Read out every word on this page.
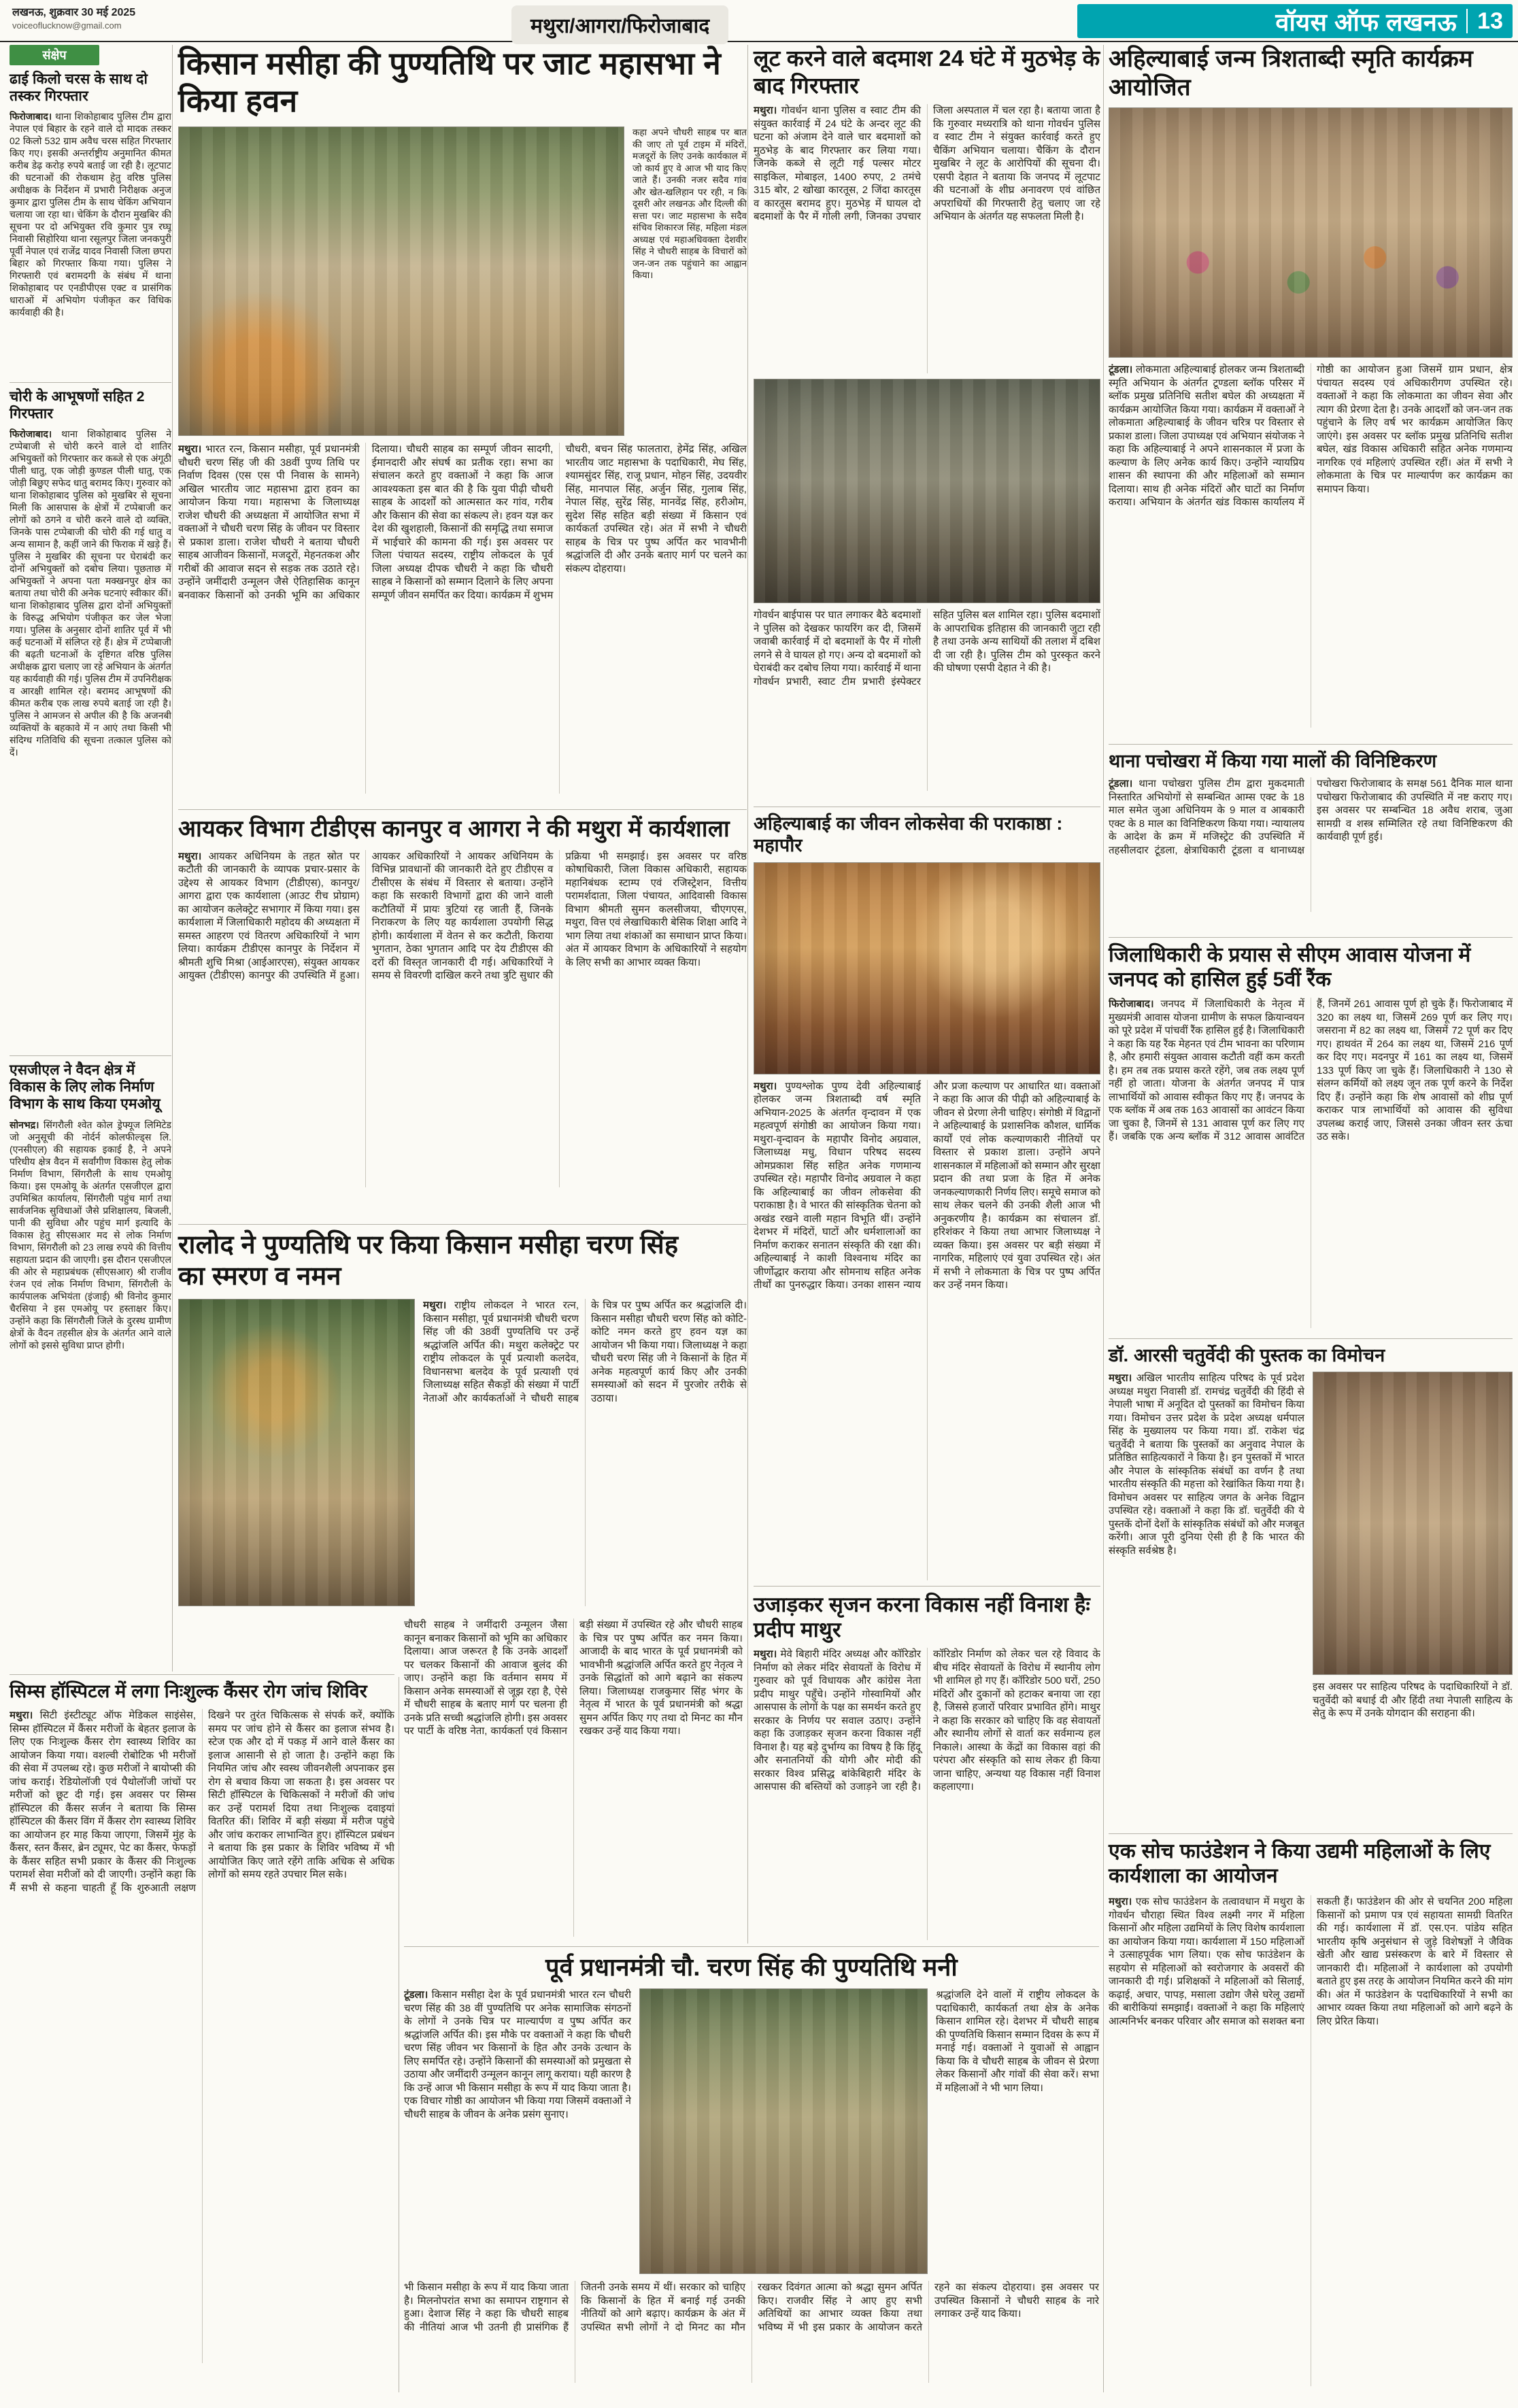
लखनऊ, शुक्रवार 30 मई 2025
voiceoflucknow@gmail.com	मथुरा/आगरा/फिरोजाबाद	वॉयस ऑफ लखनऊ 13
संक्षेप
ढाई किलो चरस के साथ दो तस्कर गिरफ्तार
फिरोजाबाद। थाना शिकोहाबाद पुलिस टीम द्वारा नेपाल एवं बिहार के रहने वाले दो मादक तस्कर 02 किलो 532 ग्राम अवैध चरस सहित गिरफ्तार किए गए। इसकी अन्तर्राष्ट्रीय अनुमानित कीमत करीब डेढ़ करोड़ रुपये बताई जा रही है। लूटपाट की घटनाओं की रोकथाम हेतु वरिष्ठ पुलिस अधीक्षक के निर्देशन में प्रभारी निरीक्षक अनुज कुमार द्वारा पुलिस टीम के साथ चेकिंग अभियान चलाया जा रहा था। चेकिंग के दौरान मुखबिर की सूचना पर दो अभियुक्त रवि कुमार पुत्र रघ्घू निवासी सिहोरिया थाना रसूलपुर जिला जनकपुरी पूर्वी नेपाल एवं राजेंद्र यादव निवासी जिला छपरा बिहार को गिरफ्तार किया गया। पुलिस ने गिरफ्तारी एवं बरामदगी के संबंध में थाना शिकोहाबाद पर एनडीपीएस एक्ट व प्रासंगिक धाराओं में अभियोग पंजीकृत कर विधिक कार्यवाही की है।
चोरी के आभूषणों सहित 2 गिरफ्तार
फिरोजाबाद। थाना शिकोहाबाद पुलिस ने टप्पेबाजी से चोरी करने वाले दो शातिर अभियुक्तों को गिरफ्तार कर कब्जे से एक अंगूठी पीली धातु, एक जोड़ी कुण्डल पीली धातु, एक जोड़ी बिछुए सफेद धातु बरामद किए। गुरुवार को थाना शिकोहाबाद पुलिस को मुखबिर से सूचना मिली कि आसपास के क्षेत्रों में टप्पेबाजी कर लोगों को ठगने व चोरी करने वाले दो व्यक्ति, जिनके पास टप्पेबाजी की चोरी की गई धातु व अन्य सामान है, कहीं जाने की फिराक में खड़े हैं। पुलिस ने मुखबिर की सूचना पर घेराबंदी कर दोनों अभियुक्तों को दबोच लिया। पूछताछ में अभियुक्तों ने अपना पता मक्खनपुर क्षेत्र का बताया तथा चोरी की अनेक घटनाएं स्वीकार कीं। थाना शिकोहाबाद पुलिस द्वारा दोनों अभियुक्तों के विरुद्ध अभियोग पंजीकृत कर जेल भेजा गया। पुलिस के अनुसार दोनों शातिर पूर्व में भी कई घटनाओं में संलिप्त रहे हैं। क्षेत्र में टप्पेबाजी की बढ़ती घटनाओं के दृष्टिगत वरिष्ठ पुलिस अधीक्षक द्वारा चलाए जा रहे अभियान के अंतर्गत यह कार्यवाही की गई। पुलिस टीम में उपनिरीक्षक व आरक्षी शामिल रहे। बरामद आभूषणों की कीमत करीब एक लाख रुपये बताई जा रही है। पुलिस ने आमजन से अपील की है कि अजनबी व्यक्तियों के बहकावे में न आएं तथा किसी भी संदिग्ध गतिविधि की सूचना तत्काल पुलिस को दें।
एसजीएल ने वैदन क्षेत्र में विकास के लिए लोक निर्माण विभाग के साथ किया एमओयू
सोनभद्र। सिंगरौली श्वेत कोल ड्रेफ्यूज लिमिटेड जो अनुसूची की नोर्दर्न कोलफील्ड्स लि. (एनसीएल) की सहायक इकाई है, ने अपने परिधीय क्षेत्र वैदन में सर्वांगीण विकास हेतु लोक निर्माण विभाग, सिंगरौली के साथ एमओयू किया। इस एमओयू के अंतर्गत एसजीएल द्वारा उपमिश्रित कार्यालय, सिंगरौली पहुंच मार्ग तथा सार्वजनिक सुविधाओं जैसे प्रशिक्षालय, बिजली, पानी की सुविधा और पहुंच मार्ग इत्यादि के विकास हेतु सीएसआर मद से लोक निर्माण विभाग, सिंगरौली को 23 लाख रुपये की वित्तीय सहायता प्रदान की जाएगी। इस दौरान एसजीएल की ओर से महाप्रबंधक (सीएसआर) श्री राजीव रंजन एवं लोक निर्माण विभाग, सिंगरौली के कार्यपालक अभियंता (इंजाई) श्री विनोद कुमार चैरसिया ने इस एमओयू पर हस्ताक्षर किए। उन्होंने कहा कि सिंगरौली जिले के दुरस्थ ग्रामीण क्षेत्रों के वैदन तहसील क्षेत्र के अंतर्गत आने वाले लोगों को इससे सुविधा प्राप्त होगी।
सिम्स हॉस्पिटल में लगा निःशुल्क कैंसर रोग जांच शिविर
मथुरा। सिटी इंस्टीट्यूट ऑफ मेडिकल साइंसेस, सिम्स हॉस्पिटल में कैंसर मरीजों के बेहतर इलाज के लिए एक निःशुल्क कैंसर रोग स्वास्थ्य शिविर का आयोजन किया गया। वशल्वी रोबोटिक भी मरीजों की सेवा में उपलब्ध रहे। कुछ मरीजों ने बायोप्सी की जांच कराई। रेडियोलॉजी एवं पैथोलॉजी जांचों पर मरीजों को छूट दी गई। इस अवसर पर सिम्स हॉस्पिटल की कैंसर सर्जन ने बताया कि सिम्स हॉस्पिटल की कैंसर विंग में कैंसर रोग स्वास्थ्य शिविर का आयोजन हर माह किया जाएगा, जिसमें मुंह के कैंसर, स्तन कैंसर, ब्रेन ट्यूमर, पेट का कैंसर, फेफड़ों के कैंसर सहित सभी प्रकार के कैंसर की निःशुल्क परामर्श सेवा मरीजों को दी जाएगी। उन्होंने कहा कि मैं सभी से कहना चाहती हूँ कि शुरुआती लक्षण दिखने पर तुरंत चिकित्सक से संपर्क करें, क्योंकि समय पर जांच होने से कैंसर का इलाज संभव है। स्टेज एक और दो में पकड़ में आने वाले कैंसर का इलाज आसानी से हो जाता है। उन्होंने कहा कि नियमित जांच और स्वस्थ जीवनशैली अपनाकर इस रोग से बचाव किया जा सकता है। इस अवसर पर सिटी हॉस्पिटल के चिकित्सकों ने मरीजों की जांच कर उन्हें परामर्श दिया तथा निःशुल्क दवाइयां वितरित कीं। शिविर में बड़ी संख्या में मरीज पहुंचे और जांच कराकर लाभान्वित हुए। हॉस्पिटल प्रबंधन ने बताया कि इस प्रकार के शिविर भविष्य में भी आयोजित किए जाते रहेंगे ताकि अधिक से अधिक लोगों को समय रहते उपचार मिल सके।
किसान मसीहा की पुण्यतिथि पर जाट महासभा ने किया हवन
कहा अपने चौधरी साहब पर बात की जाए तो पूर्व टाइम में मंदिरों, मजदूरों के लिए उनके कार्यकाल में जो कार्य हुए वे आज भी याद किए जाते हैं। उनकी नजर सदैव गांव और खेत-खलिहान पर रही, न कि दूसरी ओर लखनऊ और दिल्ली की सत्ता पर। जाट महासभा के सदैव संचिव शिकारज सिंह, महिला मंडल अध्यक्ष एवं महाअधिवक्ता देशवीर सिंह ने चौधरी साहब के विचारों को जन-जन तक पहुंचाने का आह्वान किया।
मथुरा। भारत रत्न, किसान मसीहा, पूर्व प्रधानमंत्री चौधरी चरण सिंह जी की 38वीं पुण्य तिथि पर निर्वाण दिवस (एस एस पी निवास के सामने) अखिल भारतीय जाट महासभा द्वारा हवन का आयोजन किया गया। महासभा के जिलाध्यक्ष राजेश चौधरी की अध्यक्षता में आयोजित सभा में वक्ताओं ने चौधरी चरण सिंह के जीवन पर विस्तार से प्रकाश डाला। राजेश चौधरी ने बताया चौधरी साहब आजीवन किसानों, मजदूरों, मेहनतकश और गरीबों की आवाज सदन से सड़क तक उठाते रहे। उन्होंने जमींदारी उन्मूलन जैसे ऐतिहासिक कानून बनवाकर किसानों को उनकी भूमि का अधिकार दिलाया। चौधरी साहब का सम्पूर्ण जीवन सादगी, ईमानदारी और संघर्ष का प्रतीक रहा। सभा का संचालन करते हुए वक्ताओं ने कहा कि आज आवश्यकता इस बात की है कि युवा पीढ़ी चौधरी साहब के आदर्शों को आत्मसात कर गांव, गरीब और किसान की सेवा का संकल्प ले। हवन यज्ञ कर देश की खुशहाली, किसानों की समृद्धि तथा समाज में भाईचारे की कामना की गई। इस अवसर पर जिला पंचायत सदस्य, राष्ट्रीय लोकदल के पूर्व जिला अध्यक्ष दीपक चौधरी ने कहा कि चौधरी साहब ने किसानों को सम्मान दिलाने के लिए अपना सम्पूर्ण जीवन समर्पित कर दिया। कार्यक्रम में शुभम चौधरी, बचन सिंह फालतारा, हेमेंद्र सिंह, अखिल भारतीय जाट महासभा के पदाधिकारी, मेघ सिंह, श्यामसुंदर सिंह, राजू प्रधान, मोहन सिंह, उदयवीर सिंह, मानपाल सिंह, अर्जुन सिंह, गुलाब सिंह, नेपाल सिंह, सुरेंद्र सिंह, मानवेंद्र सिंह, हरीओम, सुदेश सिंह सहित बड़ी संख्या में किसान एवं कार्यकर्ता उपस्थित रहे। अंत में सभी ने चौधरी साहब के चित्र पर पुष्प अर्पित कर भावभीनी श्रद्धांजलि दी और उनके बताए मार्ग पर चलने का संकल्प दोहराया।
आयकर विभाग टीडीएस कानपुर व आगरा ने की मथुरा में कार्यशाला
मथुरा। आयकर अधिनियम के तहत स्रोत पर कटौती की जानकारी के व्यापक प्रचार-प्रसार के उद्देश्य से आयकर विभाग (टीडीएस), कानपुर/आगरा द्वारा एक कार्यशाला (आउट रीच प्रोग्राम) का आयोजन कलेक्ट्रेट सभागार में किया गया। इस कार्यशाला में जिलाधिकारी महोदय की अध्यक्षता में समस्त आहरण एवं वितरण अधिकारियों ने भाग लिया। कार्यक्रम टीडीएस कानपुर के निर्देशन में श्रीमती शुचि मिश्रा (आईआरएस), संयुक्त आयकर आयुक्त (टीडीएस) कानपुर की उपस्थिति में हुआ। आयकर अधिकारियों ने आयकर अधिनियम के विभिन्न प्रावधानों की जानकारी देते हुए टीडीएस व टीसीएस के संबंध में विस्तार से बताया। उन्होंने कहा कि सरकारी विभागों द्वारा की जाने वाली कटौतियों में प्रायः त्रुटियां रह जाती हैं, जिनके निराकरण के लिए यह कार्यशाला उपयोगी सिद्ध होगी। कार्यशाला में वेतन से कर कटौती, किराया भुगतान, ठेका भुगतान आदि पर देय टीडीएस की दरों की विस्तृत जानकारी दी गई। अधिकारियों ने समय से विवरणी दाखिल करने तथा त्रुटि सुधार की प्रक्रिया भी समझाई। इस अवसर पर वरिष्ठ कोषाधिकारी, जिला विकास अधिकारी, सहायक महानिबंधक स्टाम्प एवं रजिस्ट्रेशन, वित्तीय परामर्शदाता, जिला पंचायत, आदिवासी विकास विभाग श्रीमती सुमन कलसीजया, चीएगएस, मथुरा, वित्त एवं लेखाधिकारी बेसिक शिक्षा आदि ने भाग लिया तथा शंकाओं का समाधान प्राप्त किया। अंत में आयकर विभाग के अधिकारियों ने सहयोग के लिए सभी का आभार व्यक्त किया।
रालोद ने पुण्यतिथि पर किया किसान मसीहा चरण सिंह का स्मरण व नमन
मथुरा। राष्ट्रीय लोकदल ने भारत रत्न, किसान मसीहा, पूर्व प्रधानमंत्री चौधरी चरण सिंह जी की 38वीं पुण्यतिथि पर उन्हें श्रद्धांजलि अर्पित की। मथुरा कलेक्ट्रेट पर राष्ट्रीय लोकदल के पूर्व प्रत्याशी कलदेव, विधानसभा बलदेव के पूर्व प्रत्याशी एवं जिलाध्यक्ष सहित सैकड़ों की संख्या में पार्टी नेताओं और कार्यकर्ताओं ने चौधरी साहब के चित्र पर पुष्प अर्पित कर श्रद्धांजलि दी। किसान मसीहा चौधरी चरण सिंह को कोटि-कोटि नमन करते हुए हवन यज्ञ का आयोजन भी किया गया। जिलाध्यक्ष ने कहा चौधरी चरण सिंह जी ने किसानों के हित में अनेक महत्वपूर्ण कार्य किए और उनकी समस्याओं को सदन में पुरजोर तरीके से उठाया।
चौधरी साहब ने जमींदारी उन्मूलन जैसा कानून बनाकर किसानों को भूमि का अधिकार दिलाया। आज जरूरत है कि उनके आदर्शों पर चलकर किसानों की आवाज बुलंद की जाए। उन्होंने कहा कि वर्तमान समय में किसान अनेक समस्याओं से जूझ रहा है, ऐसे में चौधरी साहब के बताए मार्ग पर चलना ही उनके प्रति सच्ची श्रद्धांजलि होगी। इस अवसर पर पार्टी के वरिष्ठ नेता, कार्यकर्ता एवं किसान बड़ी संख्या में उपस्थित रहे और चौधरी साहब के चित्र पर पुष्प अर्पित कर नमन किया। आजादी के बाद भारत के पूर्व प्रधानमंत्री को भावभीनी श्रद्धांजलि अर्पित करते हुए नेतृत्व ने उनके सिद्धांतों को आगे बढ़ाने का संकल्प लिया। जिलाध्यक्ष राजकुमार सिंह भंगर के नेतृत्व में भारत के पूर्व प्रधानमंत्री को श्रद्धा सुमन अर्पित किए गए तथा दो मिनट का मौन रखकर उन्हें याद किया गया।
पूर्व प्रधानमंत्री चौ. चरण सिंह की पुण्यतिथि मनी
टूंडला। किसान मसीहा देश के पूर्व प्रधानमंत्री भारत रत्न चौधरी चरण सिंह की 38 वीं पुण्यतिथि पर अनेक सामाजिक संगठनों के लोगों ने उनके चित्र पर माल्यार्पण व पुष्प अर्पित कर श्रद्धांजलि अर्पित की। इस मौके पर वक्ताओं ने कहा कि चौधरी चरण सिंह जीवन भर किसानों के हित और उनके उत्थान के लिए समर्पित रहे। उन्होंने किसानों की समस्याओं को प्रमुखता से उठाया और जमींदारी उन्मूलन कानून लागू कराया। यही कारण है कि उन्हें आज भी किसान मसीहा के रूप में याद किया जाता है। एक विचार गोष्ठी का आयोजन भी किया गया जिसमें वक्ताओं ने चौधरी साहब के जीवन के अनेक प्रसंग सुनाए।
श्रद्धांजलि देने वालों में राष्ट्रीय लोकदल के पदाधिकारी, कार्यकर्ता तथा क्षेत्र के अनेक किसान शामिल रहे। देशभर में चौधरी साहब की पुण्यतिथि किसान सम्मान दिवस के रूप में मनाई गई। वक्ताओं ने युवाओं से आह्वान किया कि वे चौधरी साहब के जीवन से प्रेरणा लेकर किसानों और गांवों की सेवा करें। सभा में महिलाओं ने भी भाग लिया।
भी किसान मसीहा के रूप में याद किया जाता है। मिलनोपरांत सभा का समापन राष्ट्रगान से हुआ। देशाज सिंह ने कहा कि चौधरी साहब की नीतियां आज भी उतनी ही प्रासंगिक हैं जितनी उनके समय में थीं। सरकार को चाहिए कि किसानों के हित में बनाई गई उनकी नीतियों को आगे बढ़ाए। कार्यक्रम के अंत में उपस्थित सभी लोगों ने दो मिनट का मौन रखकर दिवंगत आत्मा को श्रद्धा सुमन अर्पित किए। राजवीर सिंह ने आए हुए सभी अतिथियों का आभार व्यक्त किया तथा भविष्य में भी इस प्रकार के आयोजन करते रहने का संकल्प दोहराया। इस अवसर पर उपस्थित किसानों ने चौधरी साहब के नारे लगाकर उन्हें याद किया।
लूट करने वाले बदमाश 24 घंटे में मुठभेड़ के बाद गिरफ्तार
मथुरा। गोवर्धन थाना पुलिस व स्वाट टीम की संयुक्त कार्रवाई में 24 घंटे के अन्दर लूट की घटना को अंजाम देने वाले चार बदमाशों को मुठभेड़ के बाद गिरफ्तार कर लिया गया। जिनके कब्जे से लूटी गई पल्सर मोटर साइकिल, मोबाइल, 1400 रुपए, 2 तमंचे 315 बोर, 2 खोखा कारतूस, 2 जिंदा कारतूस व कारतूस बरामद हुए। मुठभेड़ में घायल दो बदमाशों के पैर में गोली लगी, जिनका उपचार जिला अस्पताल में चल रहा है। बताया जाता है कि गुरुवार मध्यरात्रि को थाना गोवर्धन पुलिस व स्वाट टीम ने संयुक्त कार्रवाई करते हुए चैकिंग अभियान चलाया। चैकिंग के दौरान मुखबिर ने लूट के आरोपियों की सूचना दी। एसपी देहात ने बताया कि जनपद में लूटपाट की घटनाओं के शीघ्र अनावरण एवं वांछित अपराधियों की गिरफ्तारी हेतु चलाए जा रहे अभियान के अंतर्गत यह सफलता मिली है।
गोवर्धन बाईपास पर घात लगाकर बैठे बदमाशों ने पुलिस को देखकर फायरिंग कर दी, जिसमें जवाबी कार्रवाई में दो बदमाशों के पैर में गोली लगने से वे घायल हो गए। अन्य दो बदमाशों को घेराबंदी कर दबोच लिया गया। कार्रवाई में थाना गोवर्धन प्रभारी, स्वाट टीम प्रभारी इंस्पेक्टर सहित पुलिस बल शामिल रहा। पुलिस बदमाशों के आपराधिक इतिहास की जानकारी जुटा रही है तथा उनके अन्य साथियों की तलाश में दबिश दी जा रही है। पुलिस टीम को पुरस्कृत करने की घोषणा एसपी देहात ने की है।
अहिल्याबाई का जीवन लोकसेवा की पराकाष्ठा : महापौर
मथुरा। पुण्यश्लोक पुण्य देवी अहिल्याबाई होलकर जन्म त्रिशताब्दी वर्ष स्मृति अभियान-2025 के अंतर्गत वृन्दावन में एक महत्वपूर्ण संगोष्ठी का आयोजन किया गया। मथुरा-वृन्दावन के महापौर विनोद अग्रवाल, जिलाध्यक्ष मधु, विधान परिषद सदस्य ओमप्रकाश सिंह सहित अनेक गणमान्य उपस्थित रहे। महापौर विनोद अग्रवाल ने कहा कि अहिल्याबाई का जीवन लोकसेवा की पराकाष्ठा है। वे भारत की सांस्कृतिक चेतना को अखंड रखने वाली महान विभूति थीं। उन्होंने देशभर में मंदिरों, घाटों और धर्मशालाओं का निर्माण कराकर सनातन संस्कृति की रक्षा की। अहिल्याबाई ने काशी विश्वनाथ मंदिर का जीर्णोद्धार कराया और सोमनाथ सहित अनेक तीर्थों का पुनरुद्धार किया। उनका शासन न्याय और प्रजा कल्याण पर आधारित था। वक्ताओं ने कहा कि आज की पीढ़ी को अहिल्याबाई के जीवन से प्रेरणा लेनी चाहिए। संगोष्ठी में विद्वानों ने अहिल्याबाई के प्रशासनिक कौशल, धार्मिक कार्यों एवं लोक कल्याणकारी नीतियों पर विस्तार से प्रकाश डाला। उन्होंने अपने शासनकाल में महिलाओं को सम्मान और सुरक्षा प्रदान की तथा प्रजा के हित में अनेक जनकल्याणकारी निर्णय लिए। समूचे समाज को साथ लेकर चलने की उनकी शैली आज भी अनुकरणीय है। कार्यक्रम का संचालन डॉ. हरिशंकर ने किया तथा आभार जिलाध्यक्ष ने व्यक्त किया। इस अवसर पर बड़ी संख्या में नागरिक, महिलाएं एवं युवा उपस्थित रहे। अंत में सभी ने लोकमाता के चित्र पर पुष्प अर्पित कर उन्हें नमन किया।
उजाड़कर सृजन करना विकास नहीं विनाश हैः प्रदीप माथुर
मथुरा। मेवे बिहारी मंदिर अध्यक्ष और कॉरिडोर निर्माण को लेकर मंदिर सेवायतों के विरोध में गुरुवार को पूर्व विधायक और कांग्रेस नेता प्रदीप माथुर पहुँचे। उन्होंने गोस्वामियों और आसपास के लोगों के पक्ष का समर्थन करते हुए सरकार के निर्णय पर सवाल उठाए। उन्होंने कहा कि उजाड़कर सृजन करना विकास नहीं विनाश है। यह बड़े दुर्भाग्य का विषय है कि हिंदू और सनातनियों की योगी और मोदी की सरकार विश्व प्रसिद्ध बांकेबिहारी मंदिर के आसपास की बस्तियों को उजाड़ने जा रही है। कॉरिडोर निर्माण को लेकर चल रहे विवाद के बीच मंदिर सेवायतों के विरोध में स्थानीय लोग भी शामिल हो गए हैं। कॉरिडोर 500 घरों, 250 मंदिरों और दुकानों को हटाकर बनाया जा रहा है, जिससे हजारों परिवार प्रभावित होंगे। माथुर ने कहा कि सरकार को चाहिए कि वह सेवायतों और स्थानीय लोगों से वार्ता कर सर्वमान्य हल निकाले। आस्था के केंद्रों का विकास वहां की परंपरा और संस्कृति को साथ लेकर ही किया जाना चाहिए, अन्यथा यह विकास नहीं विनाश कहलाएगा।
अहिल्याबाई जन्म त्रिशताब्दी स्मृति कार्यक्रम आयोजित
टूंडला। लोकमाता अहिल्याबाई होलकर जन्म त्रिशताब्दी स्मृति अभियान के अंतर्गत टूण्डला ब्लॉक परिसर में ब्लॉक प्रमुख प्रतिनिधि सतीश बघेल की अध्यक्षता में कार्यक्रम आयोजित किया गया। कार्यक्रम में वक्ताओं ने लोकमाता अहिल्याबाई के जीवन चरित्र पर विस्तार से प्रकाश डाला। जिला उपाध्यक्ष एवं अभियान संयोजक ने कहा कि अहिल्याबाई ने अपने शासनकाल में प्रजा के कल्याण के लिए अनेक कार्य किए। उन्होंने न्यायप्रिय शासन की स्थापना की और महिलाओं को सम्मान दिलाया। साथ ही अनेक मंदिरों और घाटों का निर्माण कराया। अभियान के अंतर्गत खंड विकास कार्यालय में गोष्ठी का आयोजन हुआ जिसमें ग्राम प्रधान, क्षेत्र पंचायत सदस्य एवं अधिकारीगण उपस्थित रहे। वक्ताओं ने कहा कि लोकमाता का जीवन सेवा और त्याग की प्रेरणा देता है। उनके आदर्शों को जन-जन तक पहुंचाने के लिए वर्ष भर कार्यक्रम आयोजित किए जाएंगे। इस अवसर पर ब्लॉक प्रमुख प्रतिनिधि सतीश बघेल, खंड विकास अधिकारी सहित अनेक गणमान्य नागरिक एवं महिलाएं उपस्थित रहीं। अंत में सभी ने लोकमाता के चित्र पर माल्यार्पण कर कार्यक्रम का समापन किया।
थाना पचोखरा में किया गया मालों की विनिष्टिकरण
टूंडला। थाना पचोखरा पुलिस टीम द्वारा मुकदमाती निस्तारित अभियोगों से सम्बन्धित आम्स एक्ट के 18 माल समेत जुआ अधिनियम के 9 माल व आबकारी एक्ट के 8 माल का विनिष्टिकरण किया गया। न्यायालय के आदेश के क्रम में मजिस्ट्रेट की उपस्थिति में तहसीलदार टूंडला, क्षेत्राधिकारी टूंडला व थानाध्यक्ष पचोखरा फिरोजाबाद के समक्ष 561 दैनिक माल थाना पचोखरा फिरोजाबाद की उपस्थिति में नष्ट कराए गए। इस अवसर पर सम्बन्धित 18 अवैध शराब, जुआ सामग्री व शस्त्र सम्मिलित रहे तथा विनिष्टिकरण की कार्यवाही पूर्ण हुई।
जिलाधिकारी के प्रयास से सीएम आवास योजना में जनपद को हासिल हुई 5वीं रैंक
फिरोजाबाद। जनपद में जिलाधिकारी के नेतृत्व में मुख्यमंत्री आवास योजना ग्रामीण के सफल क्रियान्वयन को पूरे प्रदेश में पांचवीं रैंक हासिल हुई है। जिलाधिकारी ने कहा कि यह रैंक मेहनत एवं टीम भावना का परिणाम है, और हमारी संयुक्त आवास कटौती वहीं कम करती है। हम तब तक प्रयास करते रहेंगे, जब तक लक्ष्य पूर्ण नहीं हो जाता। योजना के अंतर्गत जनपद में पात्र लाभार्थियों को आवास स्वीकृत किए गए हैं। जनपद के एक ब्लॉक में अब तक 163 आवासों का आवंटन किया जा चुका है, जिनमें से 131 आवास पूर्ण कर लिए गए हैं। जबकि एक अन्य ब्लॉक में 312 आवास आवंटित हैं, जिनमें 261 आवास पूर्ण हो चुके हैं। फिरोजाबाद में 320 का लक्ष्य था, जिसमें 269 पूर्ण कर लिए गए। जसराना में 82 का लक्ष्य था, जिसमें 72 पूर्ण कर दिए गए। हाथवंत में 264 का लक्ष्य था, जिसमें 216 पूर्ण कर दिए गए। मदनपुर में 161 का लक्ष्य था, जिसमें 133 पूर्ण किए जा चुके हैं। जिलाधिकारी ने 130 से संलग्न कर्मियों को लक्ष्य जून तक पूर्ण करने के निर्देश दिए हैं। उन्होंने कहा कि शेष आवासों को शीघ्र पूर्ण कराकर पात्र लाभार्थियों को आवास की सुविधा उपलब्ध कराई जाए, जिससे उनका जीवन स्तर ऊंचा उठ सके।
डॉ. आरसी चतुर्वेदी की पुस्तक का विमोचन
मथुरा। अखिल भारतीय साहित्य परिषद के पूर्व प्रदेश अध्यक्ष मथुरा निवासी डॉ. रामचंद्र चतुर्वेदी की हिंदी से नेपाली भाषा में अनूदित दो पुस्तकों का विमोचन किया गया। विमोचन उत्तर प्रदेश के प्रदेश अध्यक्ष धर्मपाल सिंह के मुख्यालय पर किया गया। डॉ. राकेश चंद्र चतुर्वेदी ने बताया कि पुस्तकों का अनुवाद नेपाल के प्रतिष्ठित साहित्यकारों ने किया है। इन पुस्तकों में भारत और नेपाल के सांस्कृतिक संबंधों का वर्णन है तथा भारतीय संस्कृति की महत्ता को रेखांकित किया गया है। विमोचन अवसर पर साहित्य जगत के अनेक विद्वान उपस्थित रहे। वक्ताओं ने कहा कि डॉ. चतुर्वेदी की ये पुस्तकें दोनों देशों के सांस्कृतिक संबंधों को और मजबूत करेंगी। आज पूरी दुनिया ऐसी ही है कि भारत की संस्कृति सर्वश्रेष्ठ है।
इस अवसर पर साहित्य परिषद के पदाधिकारियों ने डॉ. चतुर्वेदी को बधाई दी और हिंदी तथा नेपाली साहित्य के सेतु के रूप में उनके योगदान की सराहना की।
एक सोच फाउंडेशन ने किया उद्यमी महिलाओं के लिए कार्यशाला का आयोजन
मथुरा। एक सोच फाउंडेशन के तत्वावधान में मथुरा के गोवर्धन चौराहा स्थित विश्व लक्ष्मी नगर में महिला किसानों और महिला उद्यमियों के लिए विशेष कार्यशाला का आयोजन किया गया। कार्यशाला में 150 महिलाओं ने उत्साहपूर्वक भाग लिया। एक सोच फाउंडेशन के सहयोग से महिलाओं को स्वरोजगार के अवसरों की जानकारी दी गई। प्रशिक्षकों ने महिलाओं को सिलाई, कढ़ाई, अचार, पापड़, मसाला उद्योग जैसे घरेलू उद्यमों की बारीकियां समझाईं। वक्ताओं ने कहा कि महिलाएं आत्मनिर्भर बनकर परिवार और समाज को सशक्त बना सकती हैं। फाउंडेशन की ओर से चयनित 200 महिला किसानों को प्रमाण पत्र एवं सहायता सामग्री वितरित की गई। कार्यशाला में डॉ. एस.एन. पांडेय सहित भारतीय कृषि अनुसंधान से जुड़े विशेषज्ञों ने जैविक खेती और खाद्य प्रसंस्करण के बारे में विस्तार से जानकारी दी। महिलाओं ने कार्यशाला को उपयोगी बताते हुए इस तरह के आयोजन नियमित करने की मांग की। अंत में फाउंडेशन के पदाधिकारियों ने सभी का आभार व्यक्त किया तथा महिलाओं को आगे बढ़ने के लिए प्रेरित किया।
